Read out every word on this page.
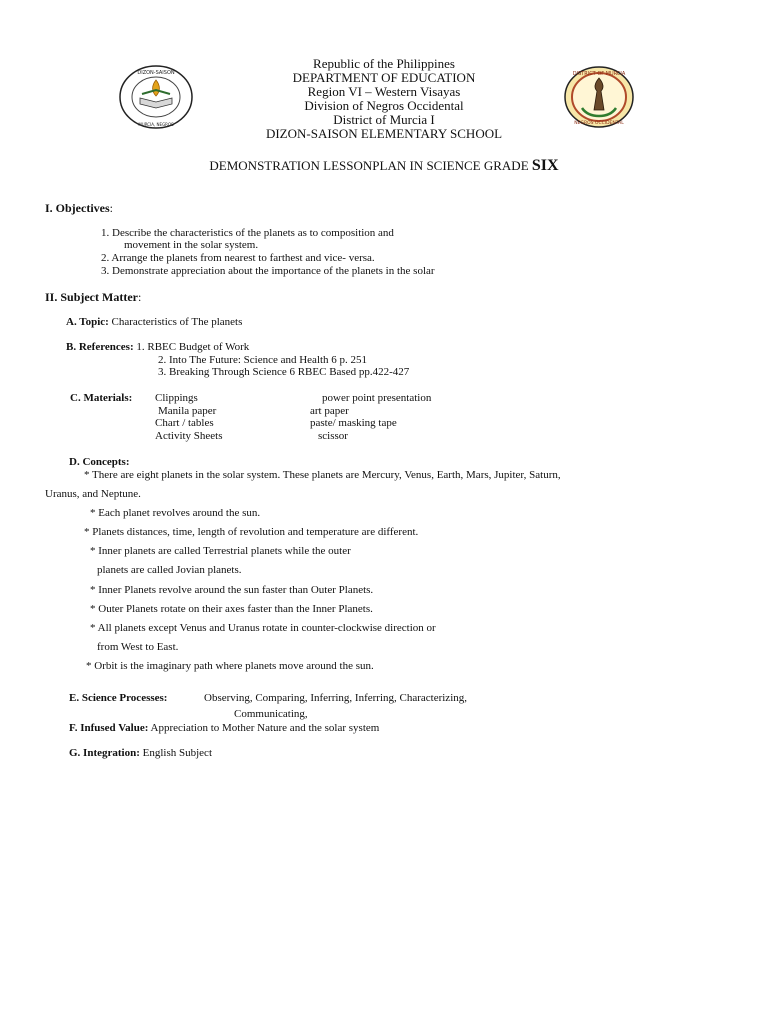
DIZON-SAISON
MURCIA, NEGROS
DISTRICT OF MURCIA
NEGROS OCCIDENTAL
Republic of the Philippines
DEPARTMENT OF EDUCATION
Region VI – Western Visayas
Division of Negros Occidental
District of Murcia I
DIZON-SAISON ELEMENTARY SCHOOL
DEMONSTRATION LESSONPLAN IN SCIENCE GRADE SIX
I. Objectives:
1. Describe the characteristics of the planets as to composition and
movement in the solar system.
2. Arrange the planets from nearest to farthest and vice- versa.
3. Demonstrate appreciation about the importance of the planets in the solar
II. Subject Matter:
A. Topic: Characteristics of The planets
B. References: 1. RBEC Budget of Work
2. Into The Future: Science and Health 6 p. 251
3. Breaking Through Science 6 RBEC Based pp.422-427
C. Materials: Clippings
Manila paper
Chart / tables
Activity Sheets
power point presentation
art paper
paste/ masking tape
scissor
D. Concepts:
* There are eight planets in the solar system. These planets are Mercury, Venus, Earth, Mars, Jupiter, Saturn,
Uranus, and Neptune.
* Each planet revolves around the sun.
* Planets distances, time, length of revolution and temperature are different.
* Inner planets are called Terrestrial planets while the outer
planets are called Jovian planets.
* Inner Planets revolve around the sun faster than Outer Planets.
* Outer Planets rotate on their axes faster than the Inner Planets.
* All planets except Venus and Uranus rotate in counter-clockwise direction or
from West to East.
* Orbit is the imaginary path where planets move around the sun.
E. Science Processes:	Observing, Comparing, Inferring, Inferring, Characterizing,
Communicating,
F. Infused Value: Appreciation to Mother Nature and the solar system
G. Integration: English Subject
